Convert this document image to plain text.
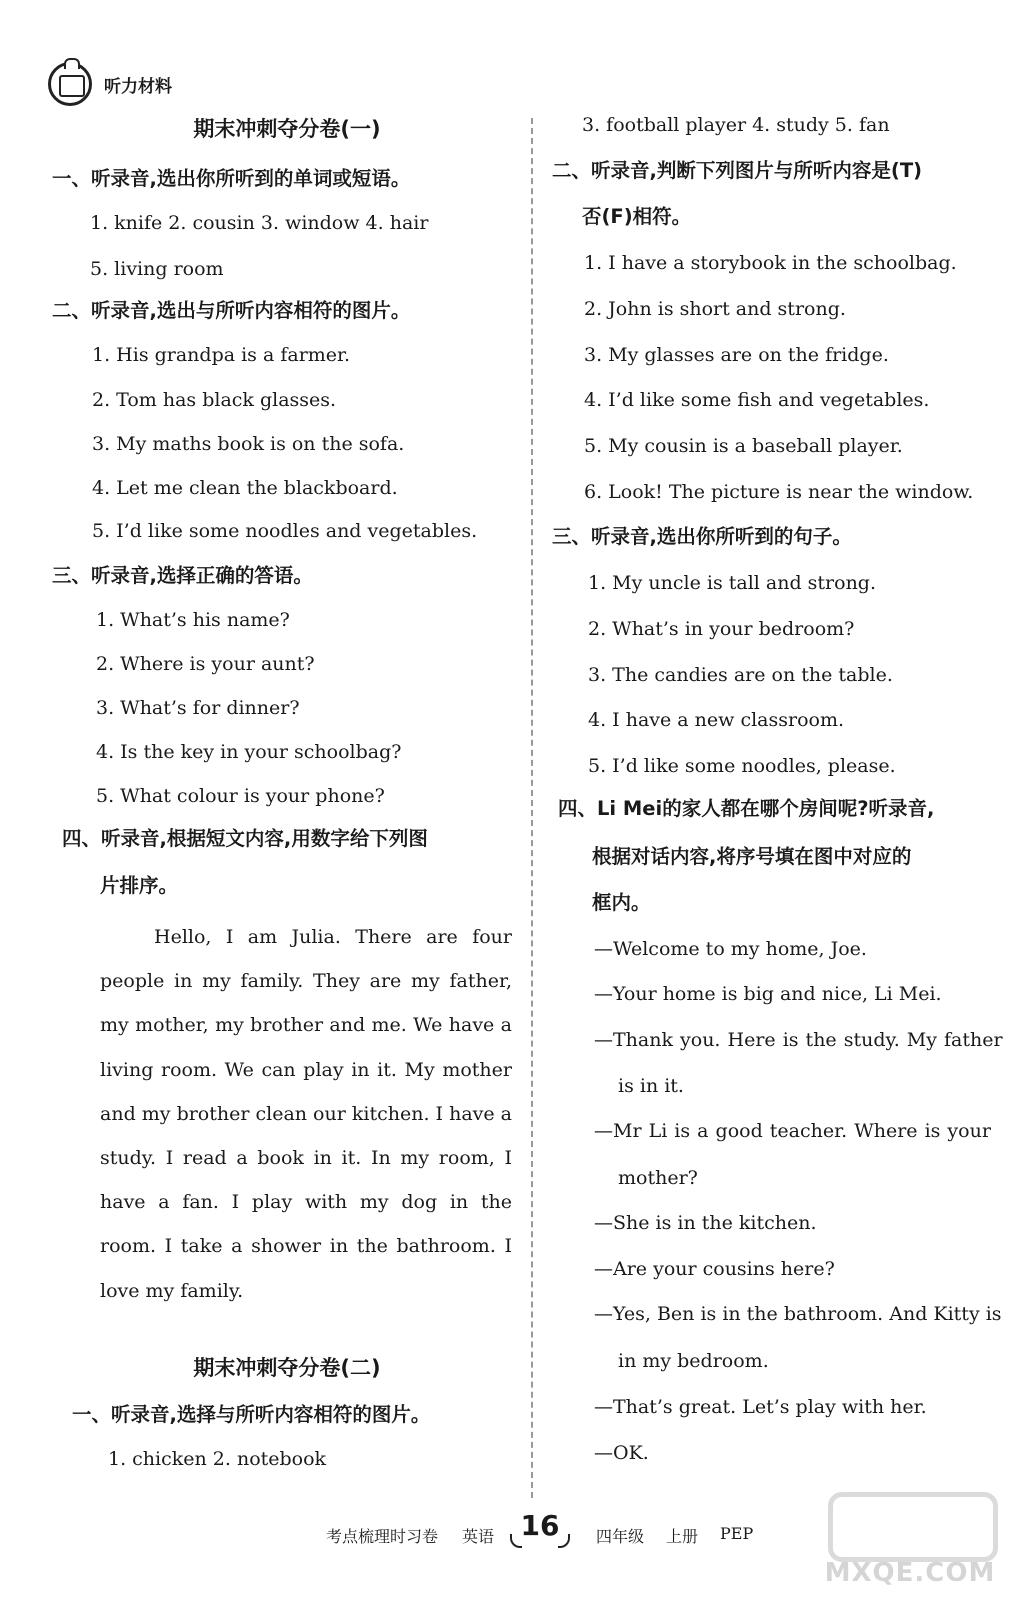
听力材料
期末冲刺夺分卷(一)
一、听录音,选出你所听到的单词或短语。
1. knife 2. cousin 3. window 4. hair
5. living room
二、听录音,选出与所听内容相符的图片。
1. His grandpa is a farmer.
2. Tom has black glasses.
3. My maths book is on the sofa.
4. Let me clean the blackboard.
5. I’d like some noodles and vegetables.
三、听录音,选择正确的答语。
1. What’s his name?
2. Where is your aunt?
3. What’s for dinner?
4. Is the key in your schoolbag?
5. What colour is your phone?
四、听录音,根据短文内容,用数字给下列图
片排序。
Hello, I am Julia. There are four people in my family. They are my father, my mother, my brother and me. We have a living room. We can play in it. My mother and my brother clean our kitchen. I have a study. I read a book in it. In my room, I have a fan. I play with my dog in the room. I take a shower in the bathroom. I love my family.
期末冲刺夺分卷(二)
一、听录音,选择与所听内容相符的图片。
1. chicken 2. notebook
3. football player 4. study 5. fan
二、听录音,判断下列图片与所听内容是(T)
否(F)相符。
1. I have a storybook in the schoolbag.
2. John is short and strong.
3. My glasses are on the fridge.
4. I’d like some fish and vegetables.
5. My cousin is a baseball player.
6. Look! The picture is near the window.
三、听录音,选出你所听到的句子。
1. My uncle is tall and strong.
2. What’s in your bedroom?
3. The candies are on the table.
4. I have a new classroom.
5. I’d like some noodles, please.
四、Li Mei的家人都在哪个房间呢?听录音,
根据对话内容,将序号填在图中对应的
框内。
—Welcome to my home, Joe.
—Your home is big and nice, Li Mei.
—Thank you. Here is the study. My father
is in it.
—Mr Li is a good teacher. Where is your
mother?
—She is in the kitchen.
—Are your cousins here?
—Yes, Ben is in the bathroom. And Kitty is
in my bedroom.
—That’s great. Let’s play with her.
—OK.
考点梳理时习卷 英语 16	四年级 上册 PEP
MXQE.COM
